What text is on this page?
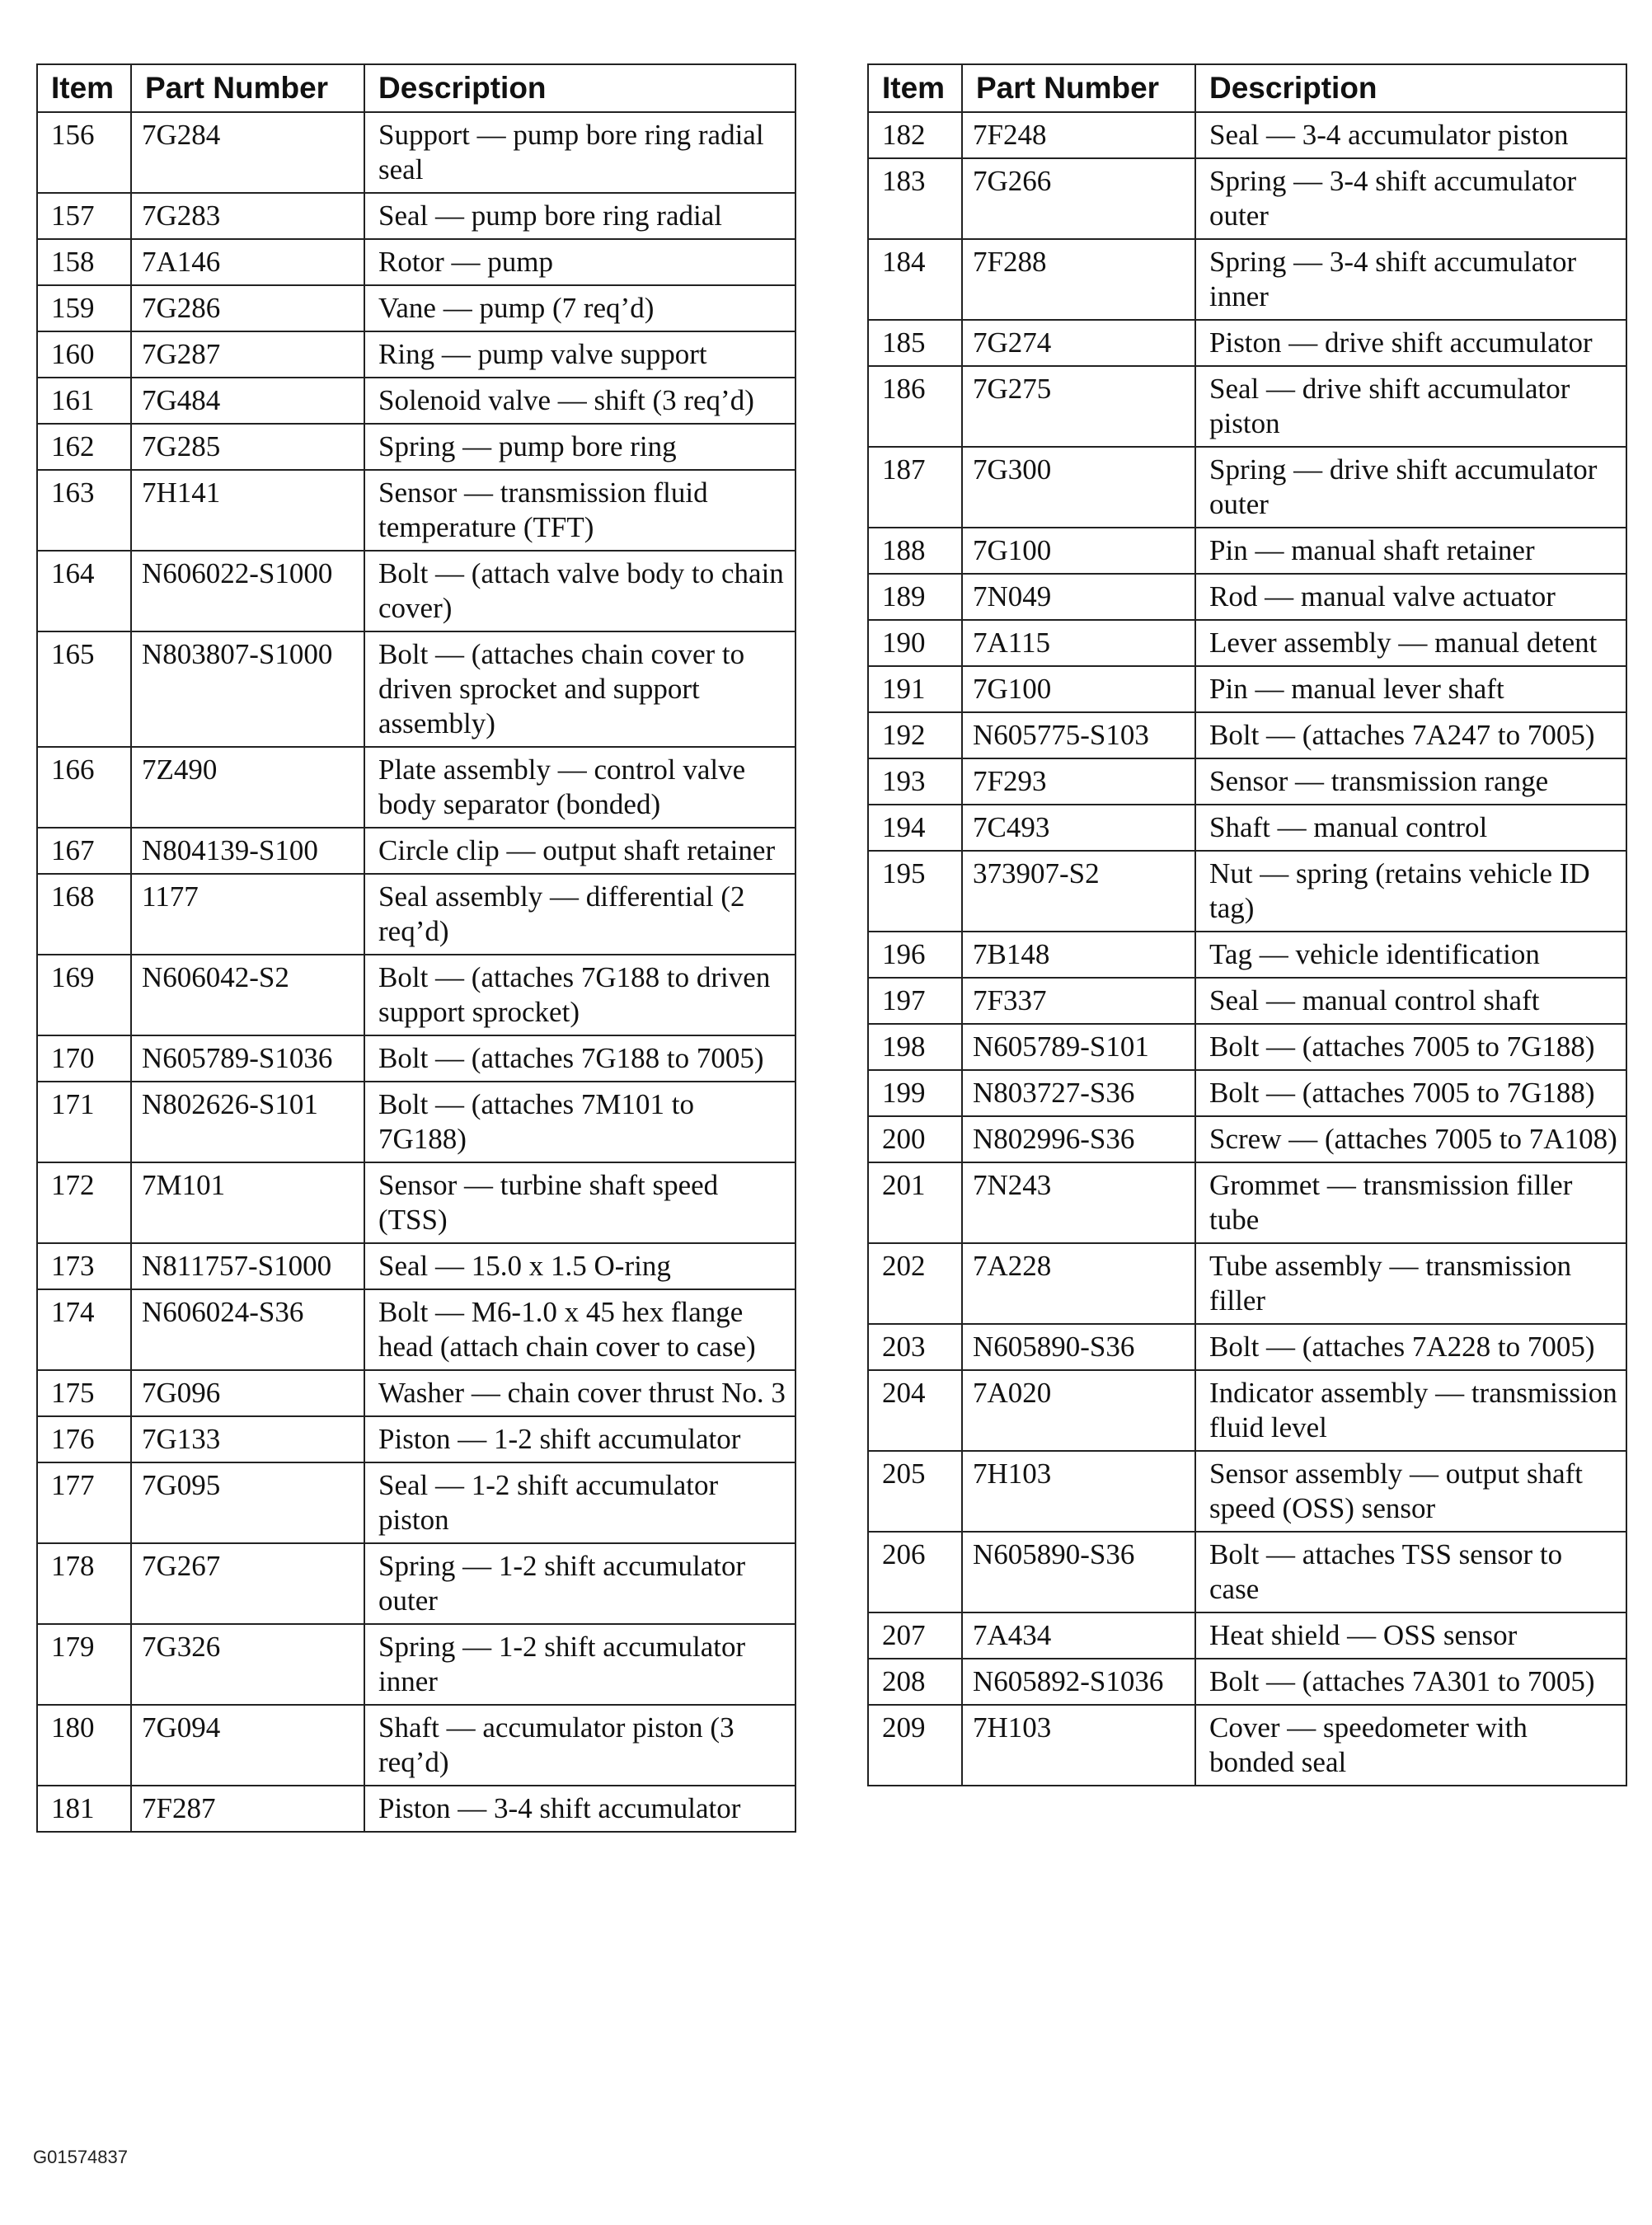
Item	Part Number	Description
156	7G284	Support — pump bore ring radial seal
157	7G283	Seal — pump bore ring radial
158	7A146	Rotor — pump
159	7G286	Vane — pump (7 req’d)
160	7G287	Ring — pump valve support
161	7G484	Solenoid valve — shift (3 req’d)
162	7G285	Spring — pump bore ring
163	7H141	Sensor — transmission fluid temperature (TFT)
164	N606022-S1000	Bolt — (attach valve body to chain cover)
165	N803807-S1000	Bolt — (attaches chain cover to driven sprocket and support assembly)
166	7Z490	Plate assembly — control valve body separator (bonded)
167	N804139-S100	Circle clip — output shaft retainer
168	1177	Seal assembly — differential (2 req’d)
169	N606042-S2	Bolt — (attaches 7G188 to driven support sprocket)
170	N605789-S1036	Bolt — (attaches 7G188 to 7005)
171	N802626-S101	Bolt — (attaches 7M101 to 7G188)
172	7M101	Sensor — turbine shaft speed (TSS)
173	N811757-S1000	Seal — 15.0 x 1.5 O-ring
174	N606024-S36	Bolt — M6-1.0 x 45 hex flange head (attach chain cover to case)
175	7G096	Washer — chain cover thrust No. 3
176	7G133	Piston — 1-2 shift accumulator
177	7G095	Seal — 1-2 shift accumulator piston
178	7G267	Spring — 1-2 shift accumulator outer
179	7G326	Spring — 1-2 shift accumulator inner
180	7G094	Shaft — accumulator piston (3 req’d)
181	7F287	Piston — 3-4 shift accumulator
Item	Part Number	Description
182	7F248	Seal — 3-4 accumulator piston
183	7G266	Spring — 3-4 shift accumulator outer
184	7F288	Spring — 3-4 shift accumulator inner
185	7G274	Piston — drive shift accumulator
186	7G275	Seal — drive shift accumulator piston
187	7G300	Spring — drive shift accumulator outer
188	7G100	Pin — manual shaft retainer
189	7N049	Rod — manual valve actuator
190	7A115	Lever assembly — manual detent
191	7G100	Pin — manual lever shaft
192	N605775-S103	Bolt — (attaches 7A247 to 7005)
193	7F293	Sensor — transmission range
194	7C493	Shaft — manual control
195	373907-S2	Nut — spring (retains vehicle ID tag)
196	7B148	Tag — vehicle identification
197	7F337	Seal — manual control shaft
198	N605789-S101	Bolt — (attaches 7005 to 7G188)
199	N803727-S36	Bolt — (attaches 7005 to 7G188)
200	N802996-S36	Screw — (attaches 7005 to 7A108)
201	7N243	Grommet — transmission filler tube
202	7A228	Tube assembly — transmission filler
203	N605890-S36	Bolt — (attaches 7A228 to 7005)
204	7A020	Indicator assembly — transmission fluid level
205	7H103	Sensor assembly — output shaft speed (OSS) sensor
206	N605890-S36	Bolt — attaches TSS sensor to case
207	7A434	Heat shield — OSS sensor
208	N605892-S1036	Bolt — (attaches 7A301 to 7005)
209	7H103	Cover — speedometer with bonded seal
G01574837
